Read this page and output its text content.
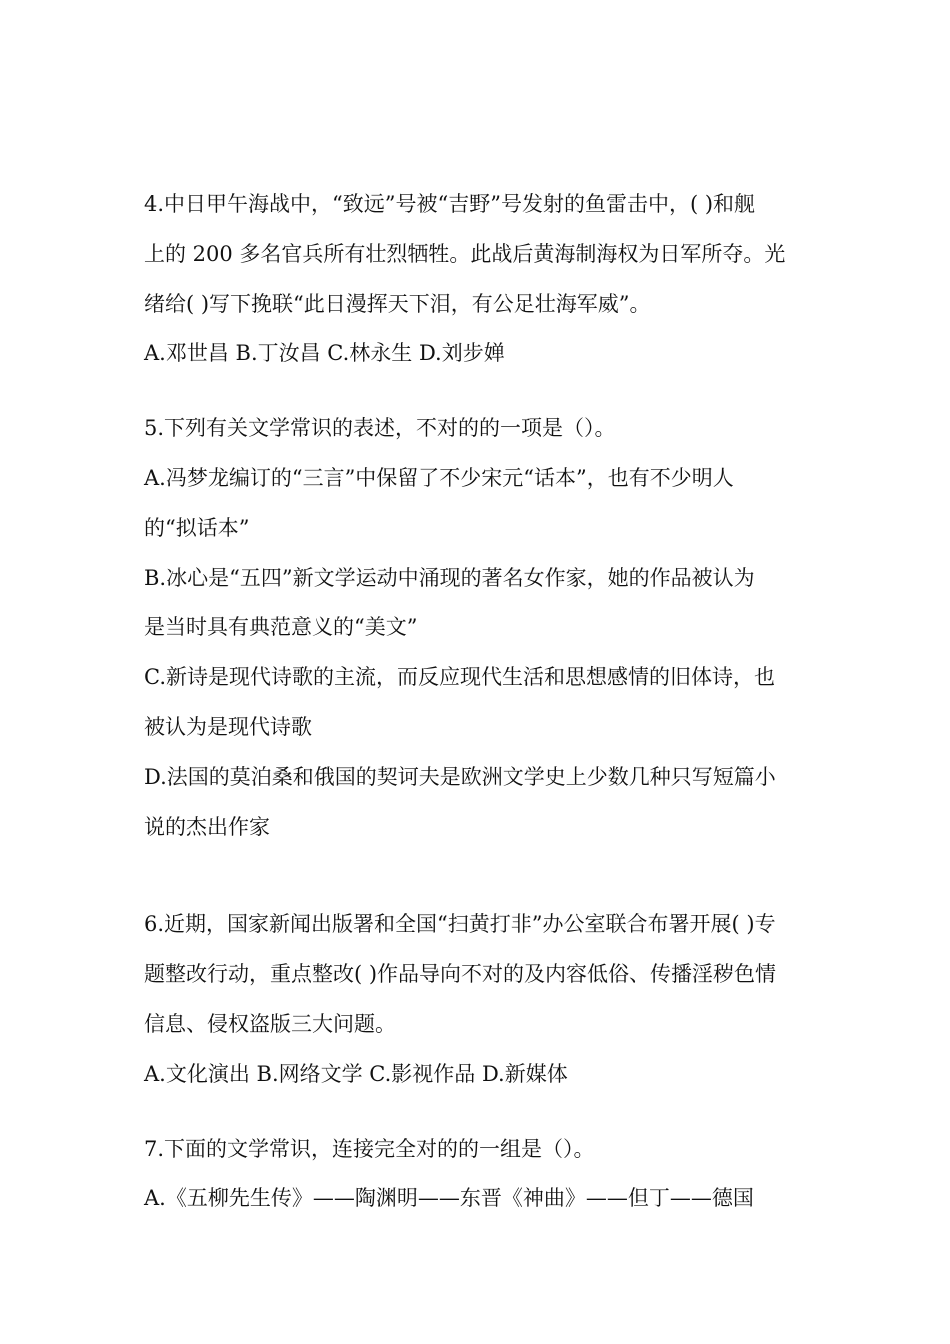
4.中日甲午海战中，“致远”号被“吉野”号发射的鱼雷击中，( )和舰
上的 200 多名官兵所有壮烈牺牲。此战后黄海制海权为日军所夺。光
绪给( )写下挽联“此日漫挥天下泪，有公足壮海军威”。
A.邓世昌 B.丁汝昌 C.林永生 D.刘步婵
5.下列有关文学常识的表述，不对的的一项是（）。
A.冯梦龙编订的“三言”中保留了不少宋元“话本”，也有不少明人
的“拟话本”
B.冰心是“五四”新文学运动中涌现的著名女作家，她的作品被认为
是当时具有典范意义的“美文”
C.新诗是现代诗歌的主流，而反应现代生活和思想感情的旧体诗，也
被认为是现代诗歌
D.法国的莫泊桑和俄国的契诃夫是欧洲文学史上少数几种只写短篇小
说的杰出作家
6.近期，国家新闻出版署和全国“扫黄打非”办公室联合布署开展( )专
题整改行动，重点整改( )作品导向不对的及内容低俗、传播淫秽色情
信息、侵权盗版三大问题。
A.文化演出 B.网络文学 C.影视作品 D.新媒体
7.下面的文学常识，连接完全对的的一组是（）。
A.《五柳先生传》——陶渊明——东晋《神曲》——但丁——德国
